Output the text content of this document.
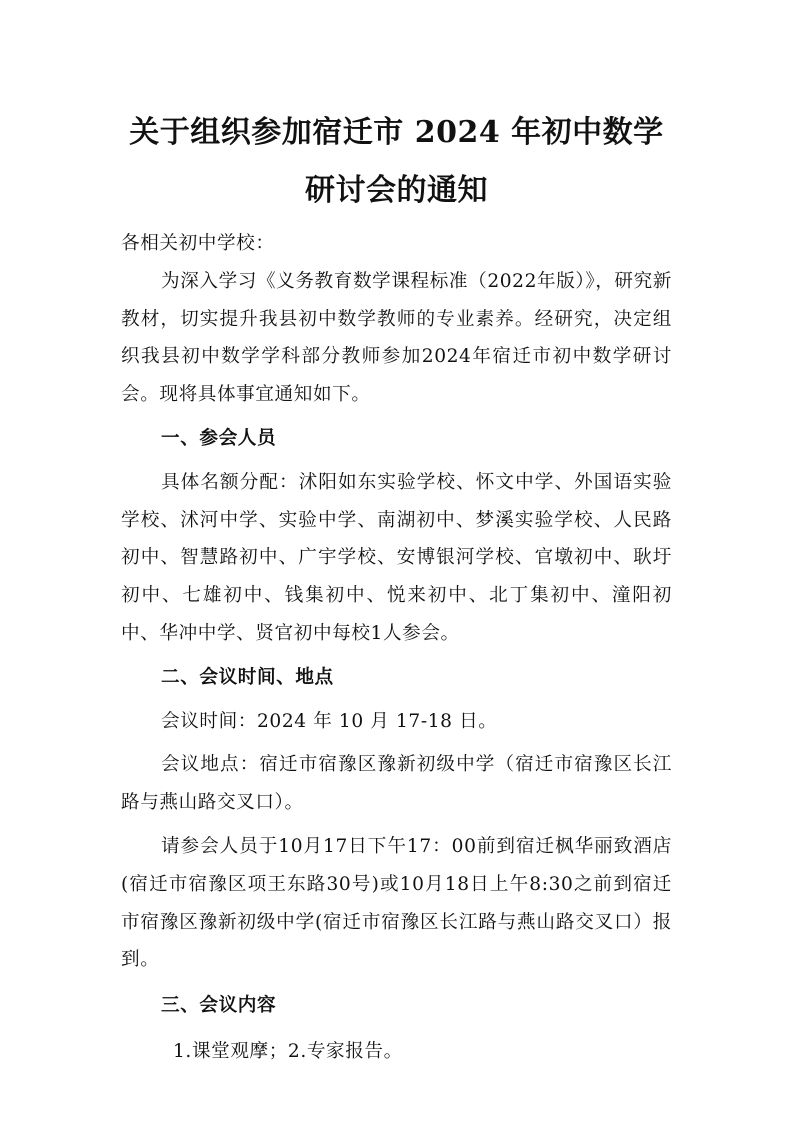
关于组织参加宿迁市 2024 年初中数学
研讨会的通知

各相关初中学校：

为深入学习《义务教育数学课程标准（2022年版）》，研究新教材，切实提升我县初中数学教师的专业素养。经研究，决定组织我县初中数学学科部分教师参加2024年宿迁市初中数学研讨会。现将具体事宜通知如下。

一、参会人员

具体名额分配：沭阳如东实验学校、怀文中学、外国语实验学校、沭河中学、实验中学、南湖初中、梦溪实验学校、人民路初中、智慧路初中、广宇学校、安博银河学校、官墩初中、耿圩初中、七雄初中、钱集初中、悦来初中、北丁集初中、潼阳初中、华冲中学、贤官初中每校1人参会。

二、会议时间、地点

会议时间：2024 年 10 月 17-18 日。

会议地点：宿迁市宿豫区豫新初级中学（宿迁市宿豫区长江路与燕山路交叉口）。

请参会人员于10月17日下午17：00前到宿迁枫华丽致酒店(宿迁市宿豫区项王东路30号)或10月18日上午8:30之前到宿迁市宿豫区豫新初级中学(宿迁市宿豫区长江路与燕山路交叉口）报到。

三、会议内容

1.课堂观摩；2.专家报告。
